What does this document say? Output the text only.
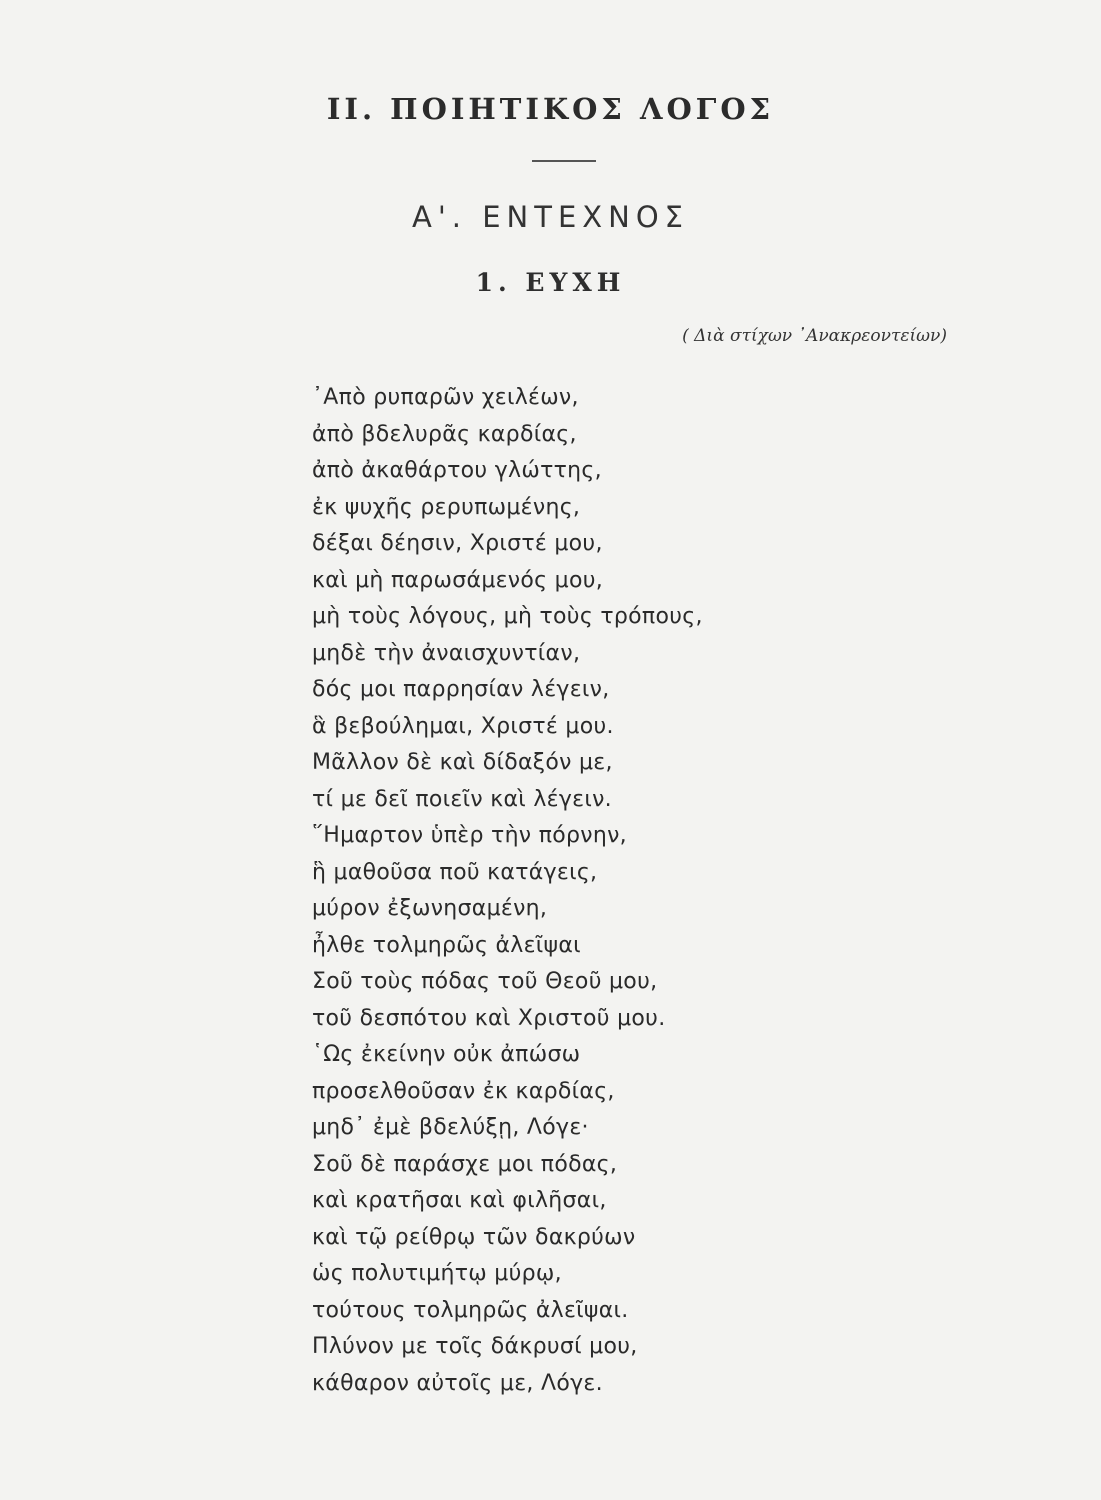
II. ΠΟΙΗΤΙΚΟΣ ΛΟΓΟΣ
Α'. ΕΝΤΕΧΝΟΣ
1. ΕΥΧΗ
( Διὰ στίχων ᾿Ανακρεοντείων)
᾿Απὸ ρυπαρῶν χειλέων,
ἀπὸ βδελυρᾶς καρδίας,
ἀπὸ ἀκαθάρτου γλώττης,
ἐκ ψυχῆς ρερυπωμένης,
δέξαι δέησιν, Χριστέ μου,
καὶ μὴ παρωσάμενός μου,
μὴ τοὺς λόγους, μὴ τοὺς τρόπους,
μηδὲ τὴν ἀναισχυντίαν,
δός μοι παρρησίαν λέγειν,
ἃ βεβούλημαι, Χριστέ μου.
Μᾶλλον δὲ καὶ δίδαξόν με,
τί με δεῖ ποιεῖν καὶ λέγειν.
῞Ημαρτον ὑπὲρ τὴν πόρνην,
ἣ μαθοῦσα ποῦ κατάγεις,
μύρον ἐξωνησαμένη,
ἦλθε τολμηρῶς ἀλεῖψαι
Σοῦ τοὺς πόδας τοῦ Θεοῦ μου,
τοῦ δεσπότου καὶ Χριστοῦ μου.
῾Ως ἐκείνην οὐκ ἀπώσω
προσελθοῦσαν ἐκ καρδίας,
μηδ᾿ ἐμὲ βδελύξῃ, Λόγε·
Σοῦ δὲ παράσχε μοι πόδας,
καὶ κρατῆσαι καὶ φιλῆσαι,
καὶ τῷ ρείθρῳ τῶν δακρύων
ὡς πολυτιμήτῳ μύρῳ,
τούτους τολμηρῶς ἀλεῖψαι.
Πλύνον με τοῖς δάκρυσί μου,
κάθαρον αὐτοῖς με, Λόγε.
